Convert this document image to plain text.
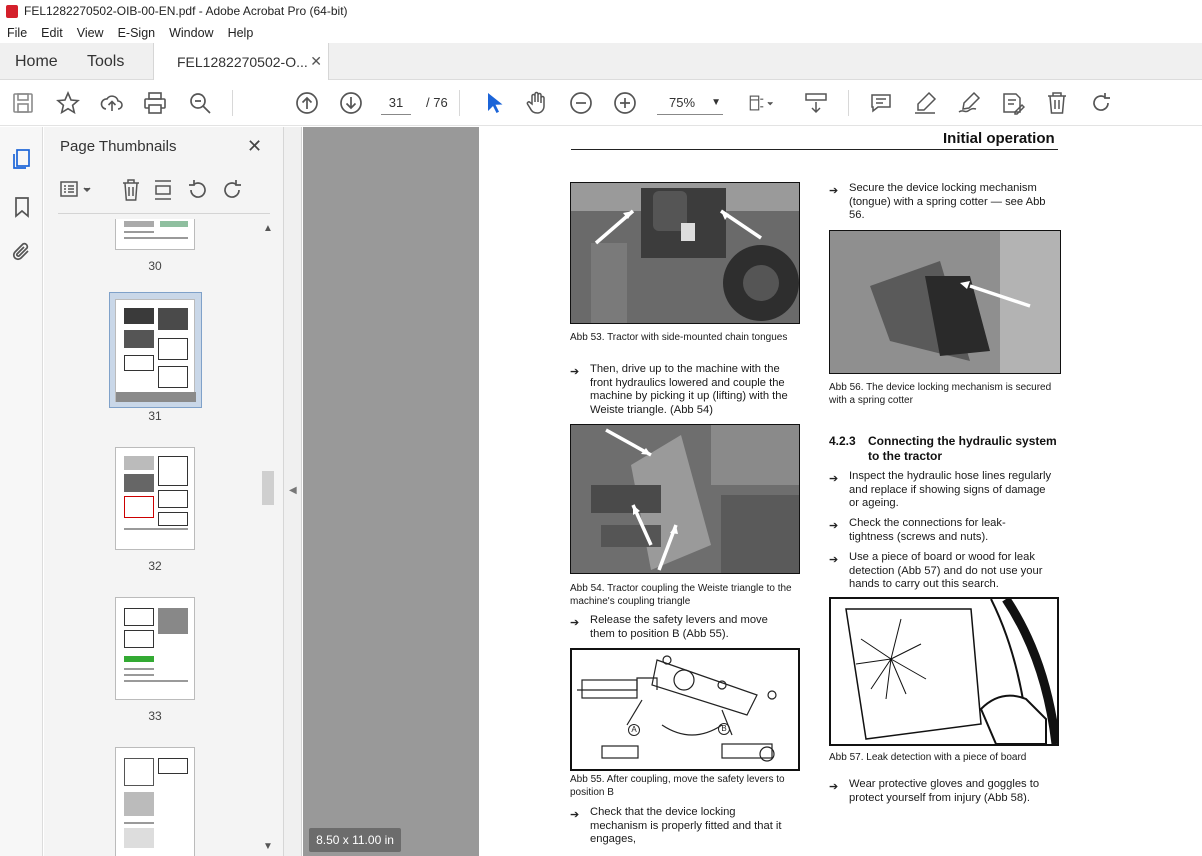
FEL1282270502-OIB-00-EN.pdf - Adobe Acrobat Pro (64-bit)
File	Edit	View	E-Sign	Window	Help
Home Tools	FEL1282270502-O... ✕
75% ▼
31	/ 76
Page Thumbnails	✕
30
31
32
33
▲
▼
◀
8.50 x 11.00 in
Initial operation
Abb 53. Tractor with side-mounted chain tongues
➔ Then, drive up to the machine with the front hydraulics lowered and couple the machine by picking it up (lifting) with the Weiste triangle. (Abb 54)
Abb 54. Tractor coupling the Weiste triangle to the machine's coupling triangle
➔ Release the safety levers and move them to position B (Abb 55).
A	B
Abb 55. After coupling, move the safety levers to position B
➔ Check that the device locking mechanism is properly fitted and that it engages,
➔ Secure the device locking mechanism (tongue) with a spring cotter — see Abb 56.
Abb 56. The device locking mechanism is secured with a spring cotter
4.2.3 Connecting the hydraulic system to the tractor
➔ Inspect the hydraulic hose lines regularly and replace if showing signs of damage or ageing.
➔ Check the connections for leak-tightness (screws and nuts).
➔ Use a piece of board or wood for leak detection (Abb 57) and do not use your hands to carry out this search.
Abb 57. Leak detection with a piece of board
➔ Wear protective gloves and goggles to protect yourself from injury (Abb 58).
